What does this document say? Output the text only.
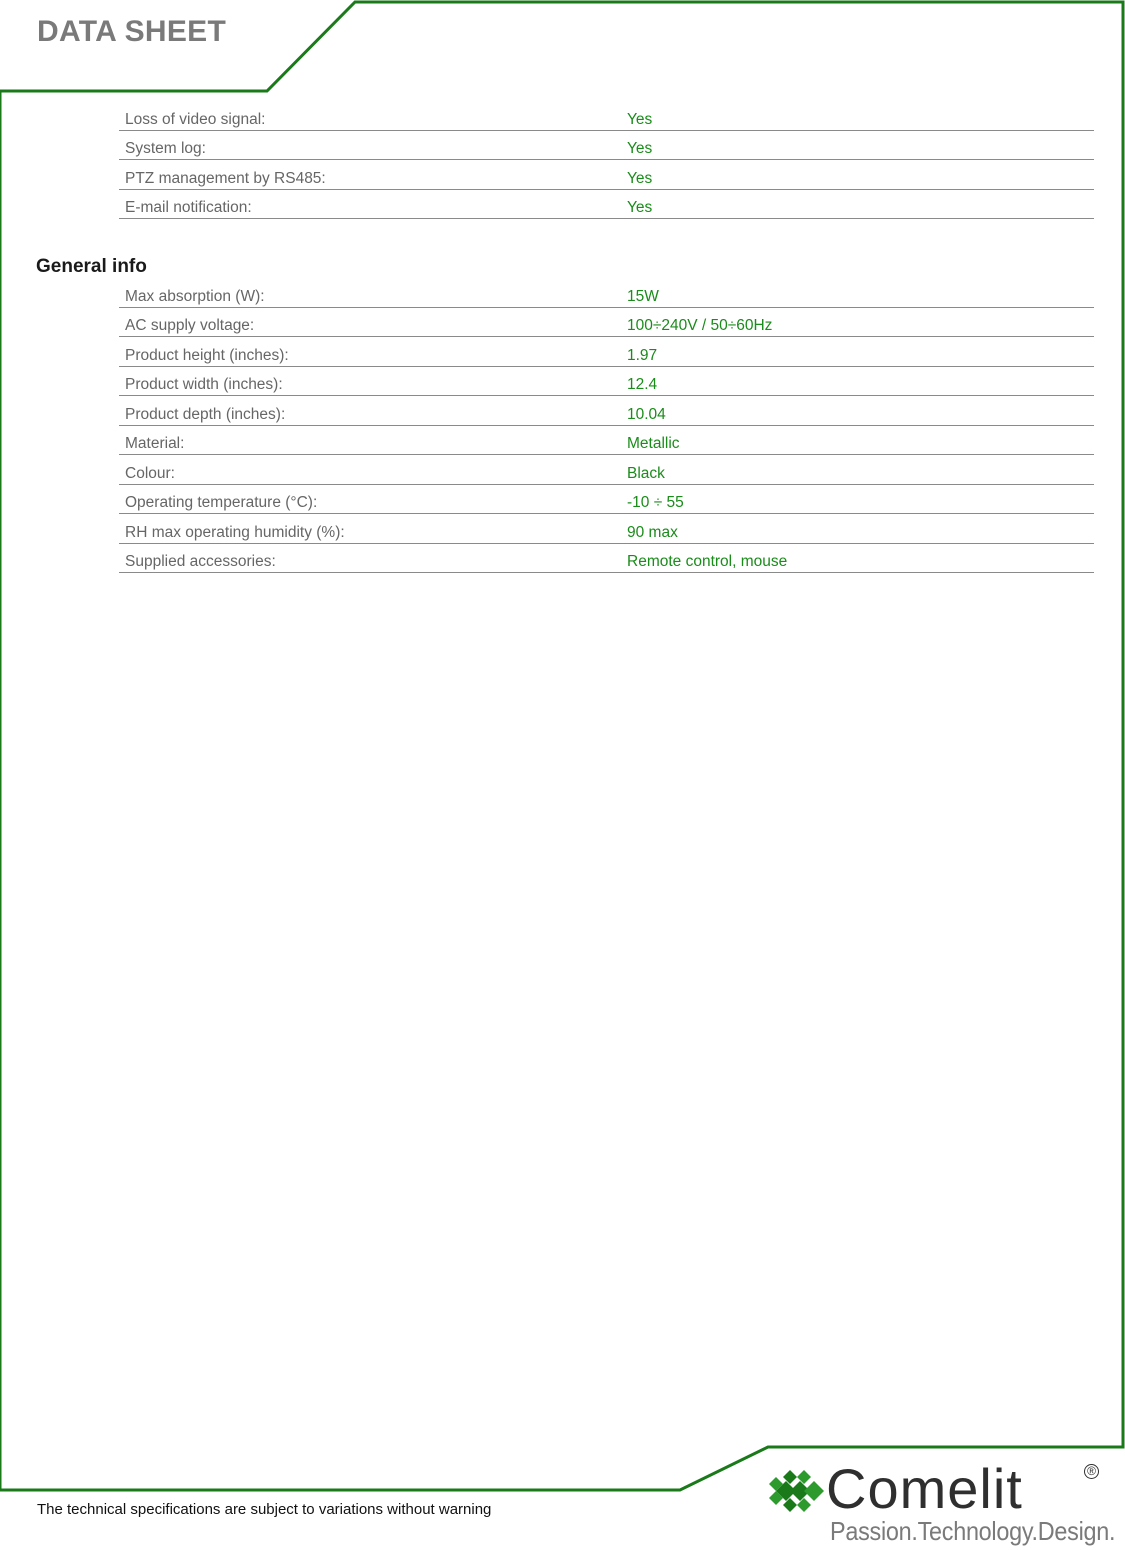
DATA SHEET
Loss of video signal:	Yes
System log:	Yes
PTZ management by RS485:	Yes
E-mail notification:	Yes
General info
Max absorption (W):	15W
AC supply voltage:	100÷240V / 50÷60Hz
Product height (inches):	1.97
Product width (inches):	12.4
Product depth (inches):	10.04
Material:	Metallic
Colour:	Black
Operating temperature (°C):	-10 ÷ 55
RH max operating humidity (%):	90 max
Supplied accessories:	Remote control, mouse
The technical specifications are subject to variations without warning	Comelit	®
Passion.Technology.Design.
